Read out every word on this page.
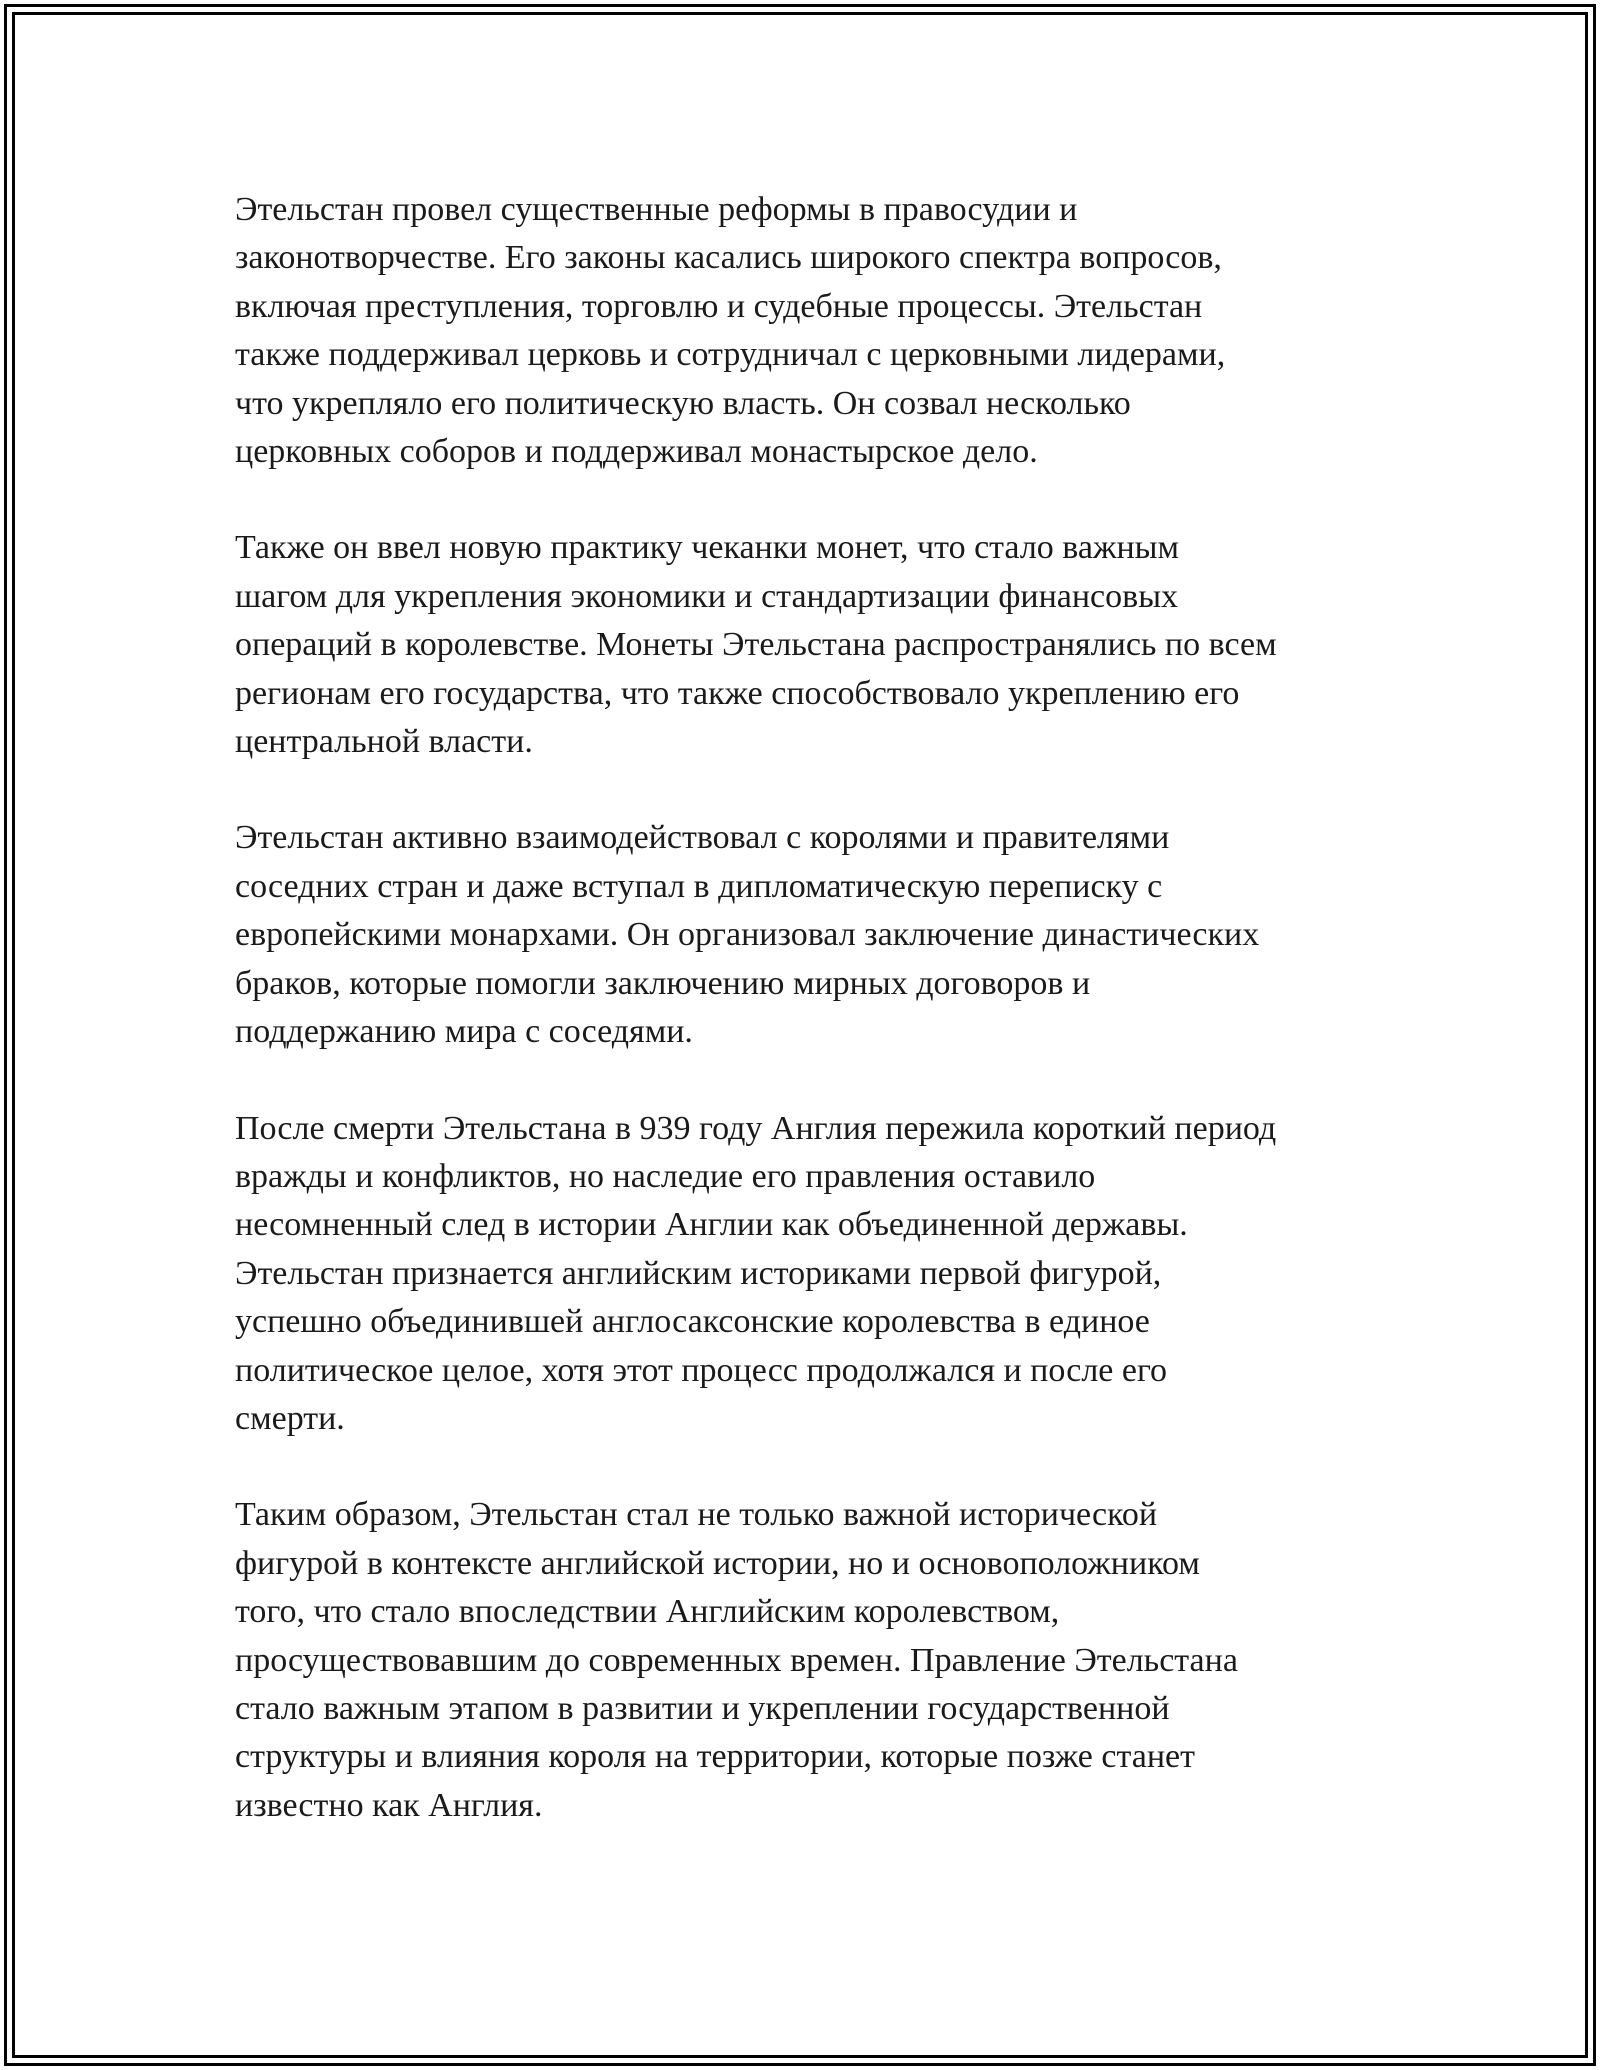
Этельстан провел существенные реформы в правосудии и
законотворчестве. Его законы касались широкого спектра вопросов,
включая преступления, торговлю и судебные процессы. Этельстан
также поддерживал церковь и сотрудничал с церковными лидерами,
что укрепляло его политическую власть. Он созвал несколько
церковных соборов и поддерживал монастырское дело.

Также он ввел новую практику чеканки монет, что стало важным
шагом для укрепления экономики и стандартизации финансовых
операций в королевстве. Монеты Этельстана распространялись по всем
регионам его государства, что также способствовало укреплению его
центральной власти.

Этельстан активно взаимодействовал с королями и правителями
соседних стран и даже вступал в дипломатическую переписку с
европейскими монархами. Он организовал заключение династических
браков, которые помогли заключению мирных договоров и
поддержанию мира с соседями.

После смерти Этельстана в 939 году Англия пережила короткий период
вражды и конфликтов, но наследие его правления оставило
несомненный след в истории Англии как объединенной державы.
Этельстан признается английским историками первой фигурой,
успешно объединившей англосаксонские королевства в единое
политическое целое, хотя этот процесс продолжался и после его
смерти.

Таким образом, Этельстан стал не только важной исторической
фигурой в контексте английской истории, но и основоположником
того, что стало впоследствии Английским королевством,
просуществовавшим до современных времен. Правление Этельстана
стало важным этапом в развитии и укреплении государственной
структуры и влияния короля на территории, которые позже станет
известно как Англия.
